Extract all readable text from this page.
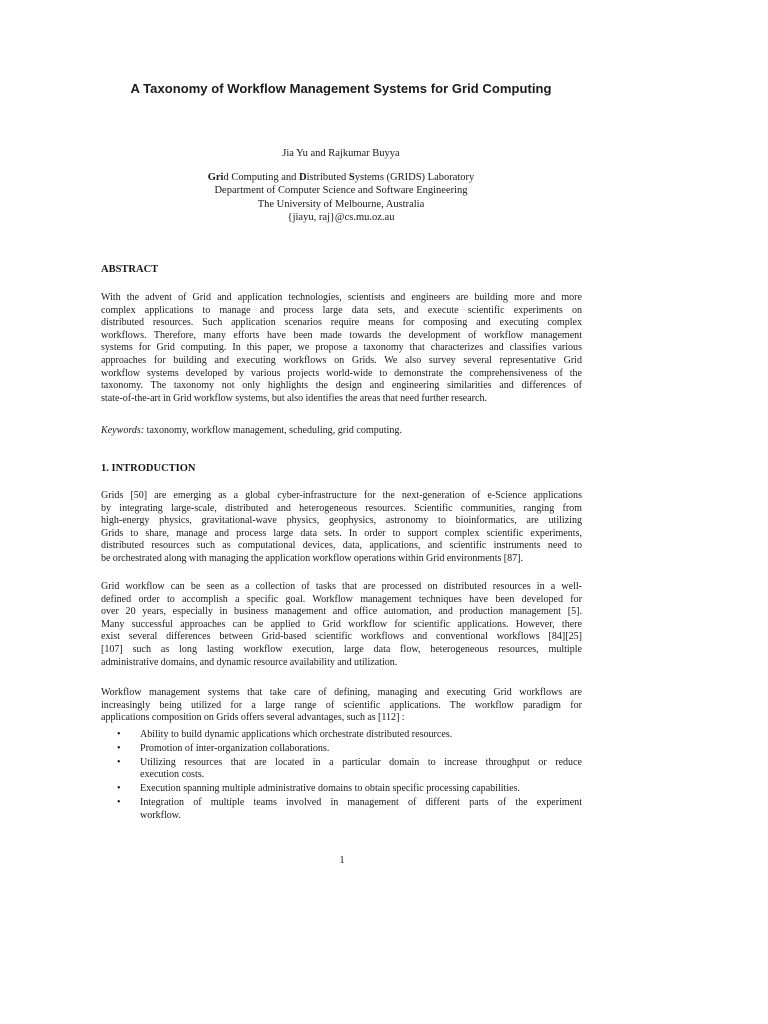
A Taxonomy of Workflow Management Systems for Grid Computing

Jia Yu and Rajkumar Buyya

Grid Computing and Distributed Systems (GRIDS) Laboratory
Department of Computer Science and Software Engineering
The University of Melbourne, Australia
{jiayu, raj}@cs.mu.oz.au
ABSTRACT
With the advent of Grid and application technologies, scientists and engineers are building more and more
complex applications to manage and process large data sets, and execute scientific experiments on
distributed resources. Such application scenarios require means for composing and executing complex
workflows. Therefore, many efforts have been made towards the development of workflow management
systems for Grid computing. In this paper, we propose a taxonomy that characterizes and classifies various
approaches for building and executing workflows on Grids. We also survey several representative Grid
workflow systems developed by various projects world-wide to demonstrate the comprehensiveness of the
taxonomy. The taxonomy not only highlights the design and engineering similarities and differences of
state-of-the-art in Grid workflow systems, but also identifies the areas that need further research.

Keywords: taxonomy, workflow management, scheduling, grid computing.

1. INTRODUCTION
Grids [50] are emerging as a global cyber-infrastructure for the next-generation of e-Science applications
by integrating large-scale, distributed and heterogeneous resources. Scientific communities, ranging from
high-energy physics, gravitational-wave physics, geophysics, astronomy to bioinformatics, are utilizing
Grids to share, manage and process large data sets. In order to support complex scientific experiments,
distributed resources such as computational devices, data, applications, and scientific instruments need to
be orchestrated along with managing the application workflow operations within Grid environments [87].
Grid workflow can be seen as a collection of tasks that are processed on distributed resources in a well-
defined order to accomplish a specific goal. Workflow management techniques have been developed for
over 20 years, especially in business management and office automation, and production management [5].
Many successful approaches can be applied to Grid workflow for scientific applications. However, there
exist several differences between Grid-based scientific workflows and conventional workflows [84][25]
[107] such as long lasting workflow execution, large data flow, heterogeneous resources, multiple
administrative domains, and dynamic resource availability and utilization.
Workflow management systems that take care of defining, managing and executing Grid workflows are
increasingly being utilized for a large range of scientific applications. The workflow paradigm for
applications composition on Grids offers several advantages, such as [112] :
• Ability to build dynamic applications which orchestrate distributed resources.
• Promotion of inter-organization collaborations.
• Utilizing resources that are located in a particular domain to increase throughput or reduce
execution costs.
• Execution spanning multiple administrative domains to obtain specific processing capabilities.
• Integration of multiple teams involved in management of different parts of the experiment
workflow.

1
